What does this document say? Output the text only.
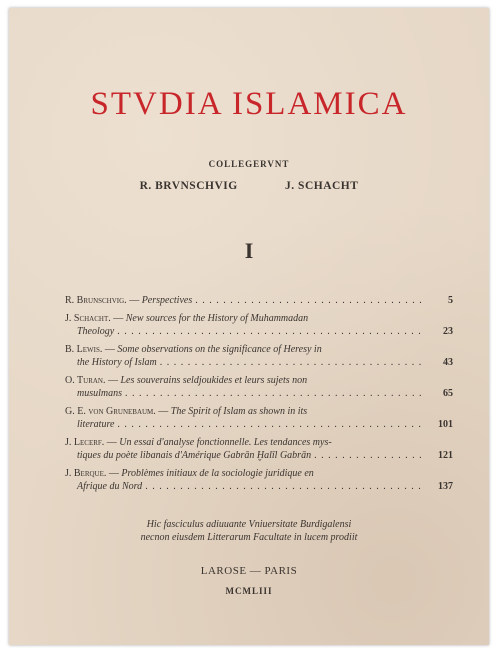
STVDIA ISLAMICA
COLLEGERVNT
R. BRVNSCHVIG	J. SCHACHT
I
R. Brunschvig. — Perspectives . . .	5
J. Schacht. — New sources for the History of Muhammadan
Theology . . .	23
B. Lewis. — Some observations on the significance of Heresy in
the History of Islam . . .	43
O. Turan. — Les souverains seldjoukides et leurs sujets non
musulmans . . .	65
G. E. von Grunebaum. — The Spirit of Islam as shown in its
literature . . .	101
J. Lecerf. — Un essai d'analyse fonctionnelle. Les tendances mys-
tiques du poète libanais d'Amérique Gabrān Ḫalīl Gabrān . . .	121
J. Berque. — Problèmes initiaux de la sociologie juridique en
Afrique du Nord . . .	137
Hic fasciculus adiuuante Vniuersitate Burdigalensi
necnon eiusdem Litterarum Facultate in lucem prodiit
LAROSE — PARIS
MCMLIII
